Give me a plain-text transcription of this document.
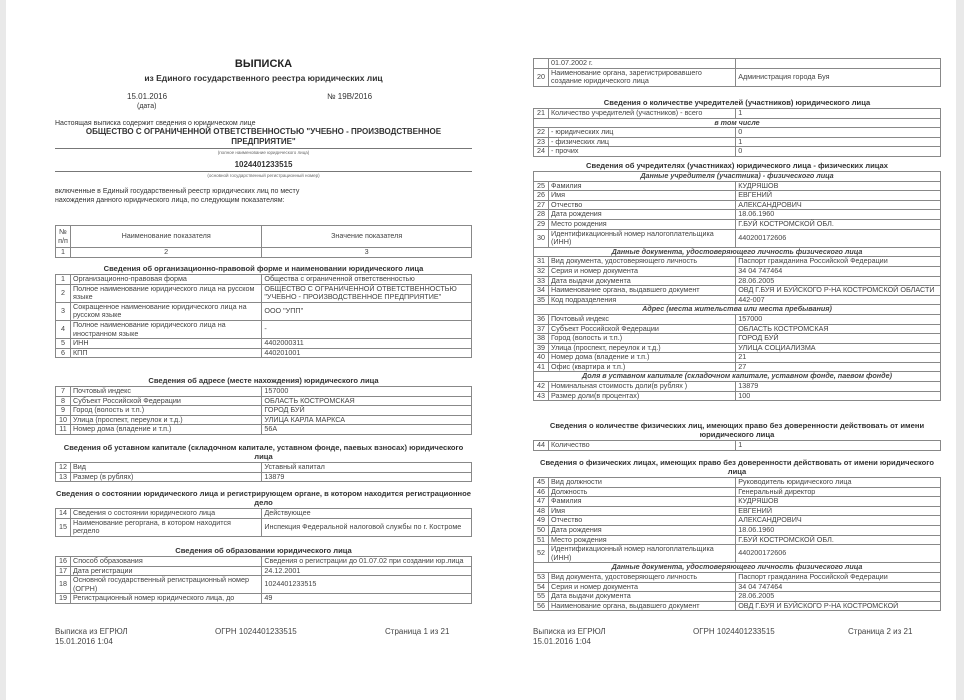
ВЫПИСКА
из Единого государственного реестра юридических лиц
15.01.2016
(дата)
№ 19В/2016
Настоящая выписка содержит сведения о юридическом лице
ОБЩЕСТВО С ОГРАНИЧЕННОЙ ОТВЕТСТВЕННОСТЬЮ "УЧЕБНО - ПРОИЗВОДСТВЕННОЕ
ПРЕДПРИЯТИЕ"
(полное наименование юридического лица)
1024401233515
(основной государственный регистрационный номер)
включенные в Единый государственный реестр юридических лиц по месту
нахождения данного юридического лица, по следующим показателям:
№ п/п	Наименование показателя	Значение показателя
1	2	3
Сведения об организационно-правовой форме и наименовании юридического лица
1	Организационно-правовая форма	Общества с ограниченной ответственностью
2	Полное наименование юридического лица на русском языке	ОБЩЕСТВО С ОГРАНИЧЕННОЙ ОТВЕТСТВЕННОСТЬЮ "УЧЕБНО - ПРОИЗВОДСТВЕННОЕ ПРЕДПРИЯТИЕ"
3	Сокращенное наименование юридического лица на русском языке	ООО "УПП"
4	Полное наименование юридического лица на иностранном языке	-
5	ИНН	4402000311
6	КПП	440201001
Сведения об адресе (месте нахождения) юридического лица
7	Почтовый индекс	157000
8	Субъект Российской Федерации	ОБЛАСТЬ КОСТРОМСКАЯ
9	Город (волость и т.п.)	ГОРОД БУЙ
10	Улица (проспект, переулок и т.д.)	УЛИЦА КАРЛА МАРКСА
11	Номер дома (владение и т.п.)	56А
Сведения об уставном капитале (складочном капитале, уставном фонде, паевых взносах) юридического лица
12	Вид	Уставный капитал
13	Размер (в рублях)	13879
Сведения о состоянии юридического лица и регистрирующем органе, в котором находится регистрационное дело
14	Сведения о состоянии юридического лица	Действующее
15	Наименование регоргана, в котором находится регдело	Инспекция Федеральной налоговой службы по г. Костроме
Сведения об образовании юридического лица
16	Способ образования	Сведения о регистрации до 01.07.02 при создании юр.лица
17	Дата регистрации	24.12.2001
18	Основной государственный регистрационный номер (ОГРН)	1024401233515
19	Регистрационный номер юридического лица, до	49
Выписка из ЕГРЮЛ
15.01.2016 1:04
ОГРН 1024401233515	Страница 1 из 21
	01.07.2002 г.	
20	Наименование органа, зарегистрировавшего создание юридического лица	Администрация города Буя
Сведения о количестве учредителей (участников) юридического лица
21	Количество учредителей (участников) - всего	1
в том числе		
22	- юридических лиц	0
23	- физических лиц	1
24	- прочих	0
Сведения об учредителях (участниках) юридического лица - физических лицах
Данные учредителя (участника) - физического лица		
25	Фамилия	КУДРЯШОВ
26	Имя	ЕВГЕНИЙ
27	Отчество	АЛЕКСАНДРОВИЧ
28	Дата рождения	18.06.1960
29	Место рождения	Г.БУЙ КОСТРОМСКОЙ ОБЛ.
30	Идентификационный номер налогоплательщика (ИНН)	440200172606
Данные документа, удостоверяющего личность физического лица		
31	Вид документа, удостоверяющего личность	Паспорт гражданина Российской Федерации
32	Серия и номер документа	34 04 747464
33	Дата выдачи документа	28.06.2005
34	Наименование органа, выдавшего документ	ОВД Г.БУЯ И БУЙСКОГО Р-НА КОСТРОМСКОЙ ОБЛАСТИ
35	Код подразделения	442-007
Адрес (места жительства или места пребывания)		
36	Почтовый индекс	157000
37	Субъект Российской Федерации	ОБЛАСТЬ КОСТРОМСКАЯ
38	Город (волость и т.п.)	ГОРОД БУЙ
39	Улица (проспект, переулок и т.д.)	УЛИЦА СОЦИАЛИЗМА
40	Номер дома (владение и т.п.)	21
41	Офис (квартира и т.п.)	27
Доля в уставном капитале (складочном капитале, уставном фонде, паевом фонде)		
42	Номинальная стоимость доли(в рублях )	13879
43	Размер доли(в процентах)	100
Сведения о количестве физических лиц, имеющих право без доверенности действовать от имени юридического лица
44	Количество	1
Сведения о физических лицах, имеющих право без доверенности действовать от имени юридического лица
45	Вид должности	Руководитель юридического лица
46	Должность	Генеральный директор
47	Фамилия	КУДРЯШОВ
48	Имя	ЕВГЕНИЙ
49	Отчество	АЛЕКСАНДРОВИЧ
50	Дата рождения	18.06.1960
51	Место рождения	Г.БУЙ КОСТРОМСКОЙ ОБЛ.
52	Идентификационный номер налогоплательщика (ИНН)	440200172606
Данные документа, удостоверяющего личность физического лица		
53	Вид документа, удостоверяющего личность	Паспорт гражданина Российской Федерации
54	Серия и номер документа	34 04 747464
55	Дата выдачи документа	28.06.2005
56	Наименование органа, выдавшего документ	ОВД Г.БУЯ И БУЙСКОГО Р-НА КОСТРОМСКОЙ
Выписка из ЕГРЮЛ
15.01.2016 1:04
ОГРН 1024401233515	Страница 2 из 21
